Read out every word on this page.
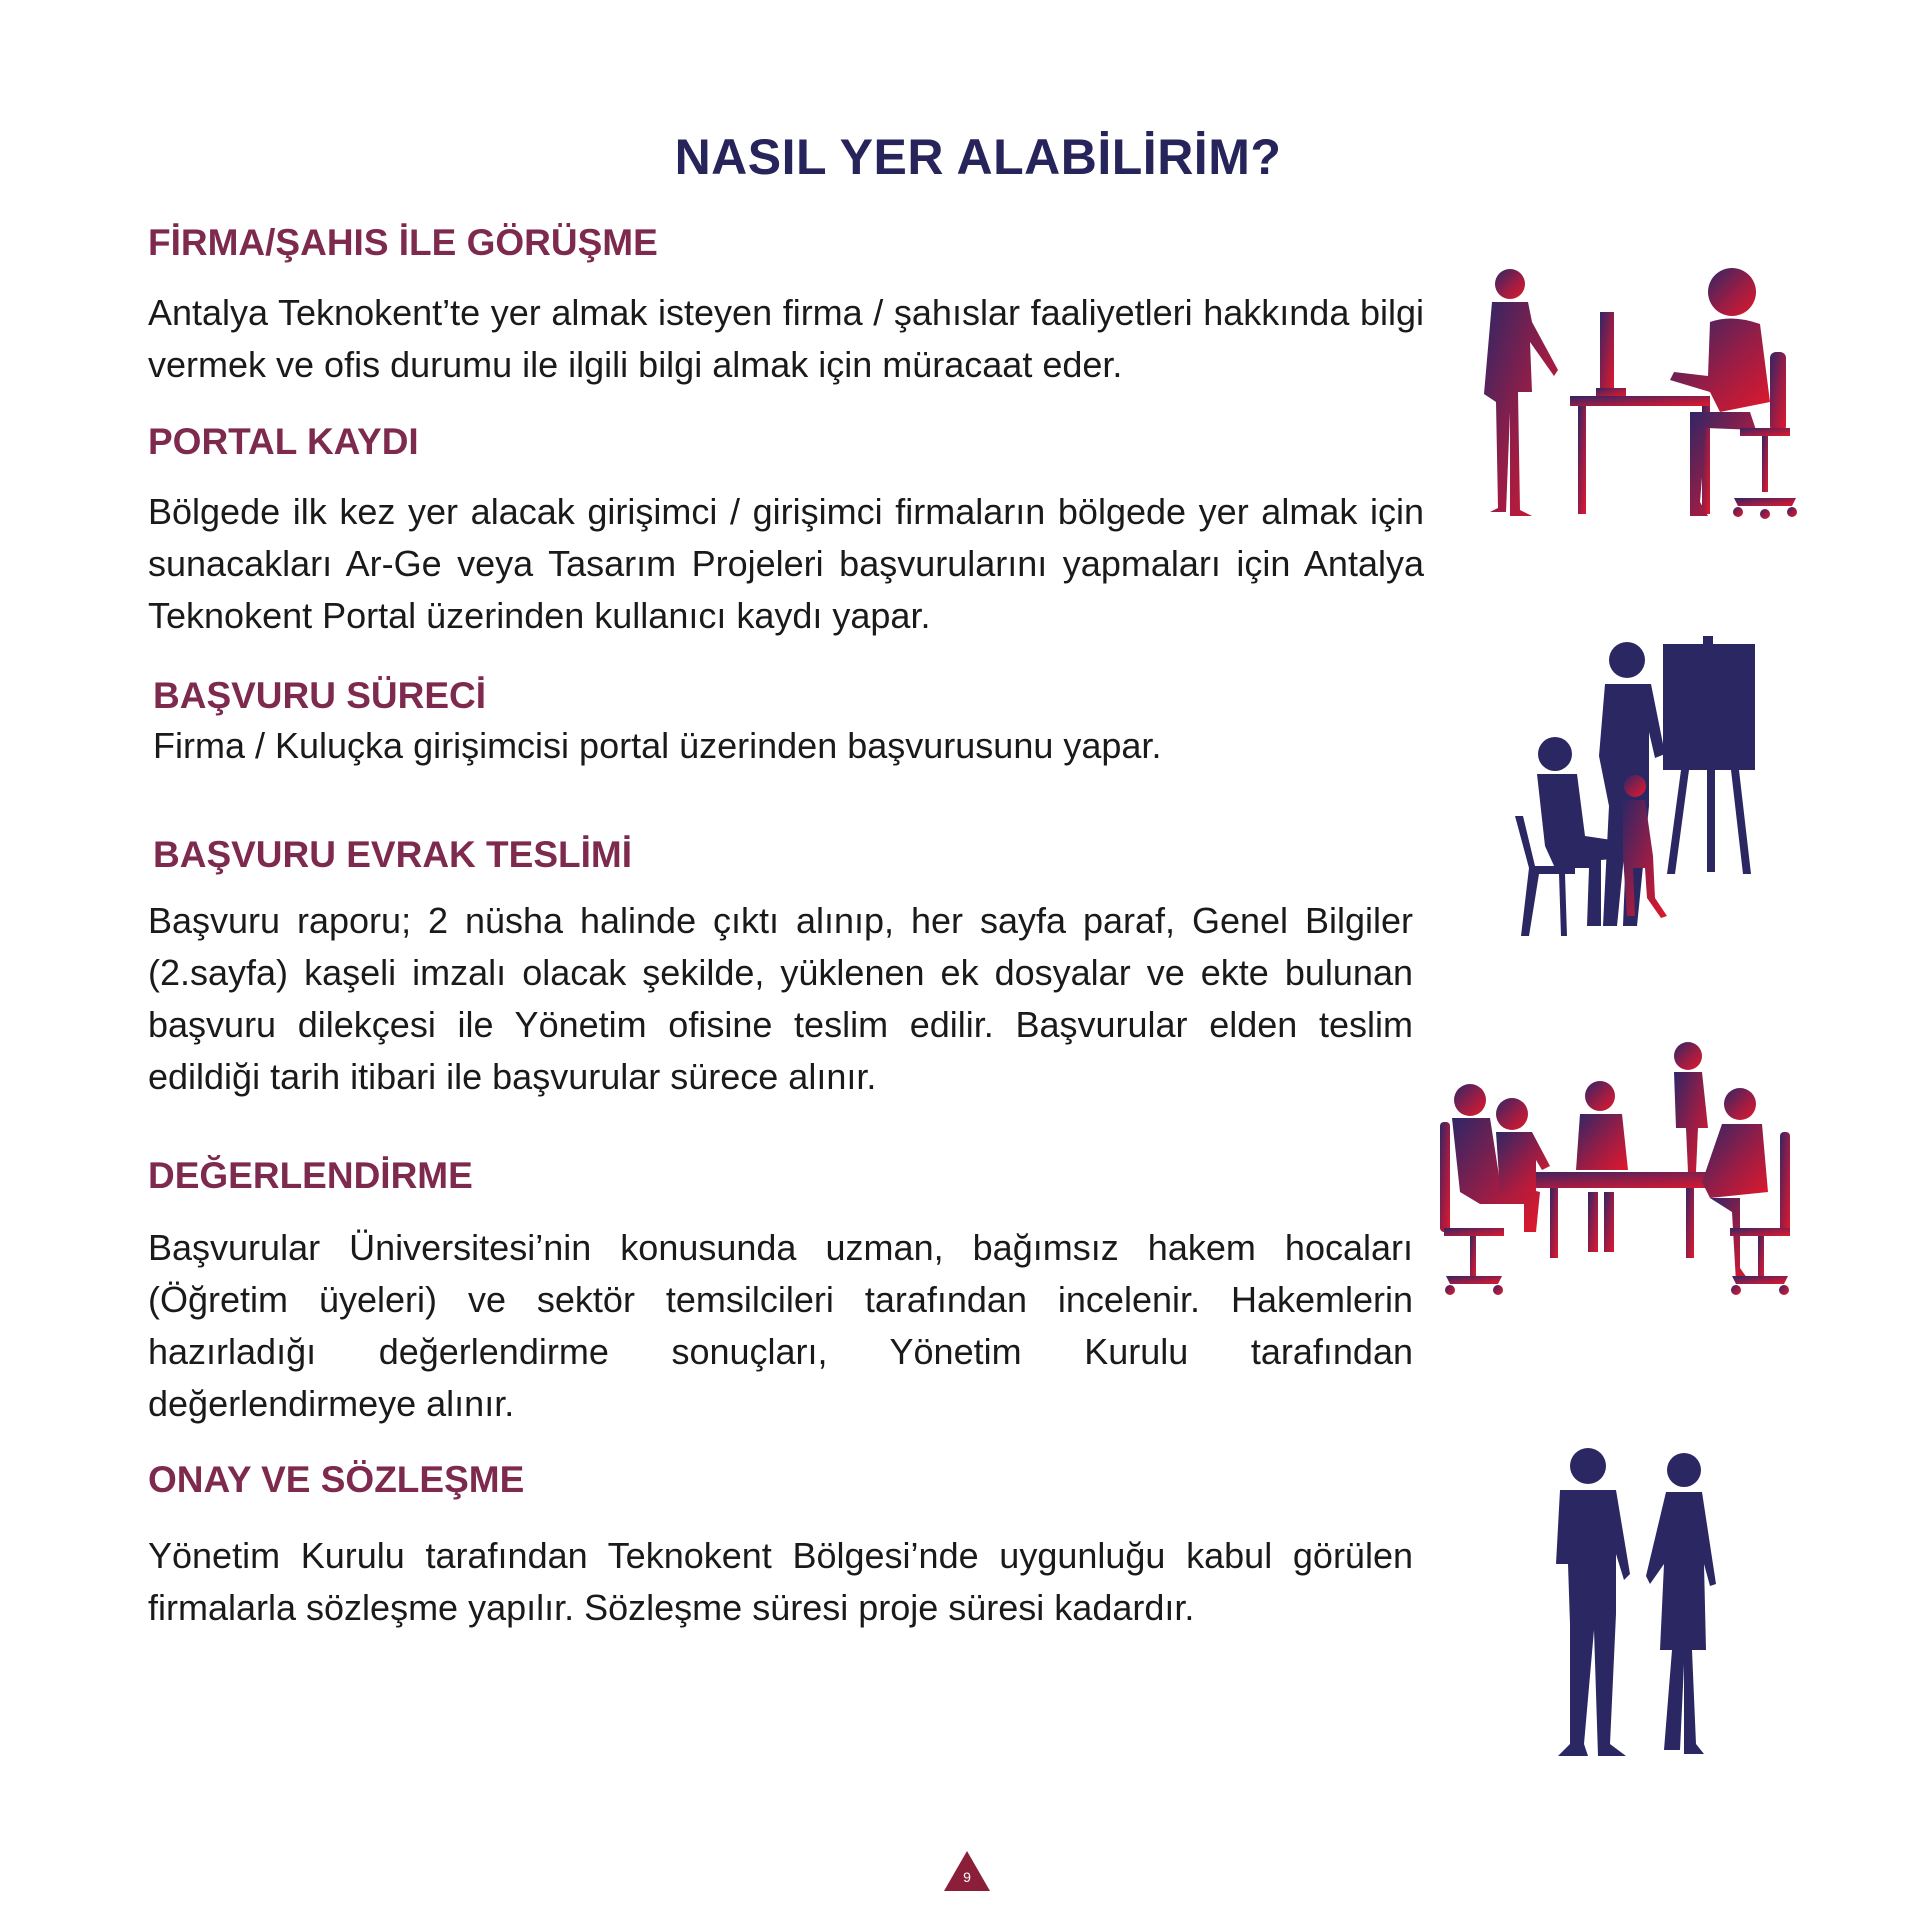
NASIL YER ALABİLİRİM?
FİRMA/ŞAHIS İLE GÖRÜŞME

Antalya Teknokent’te yer almak isteyen firma / şahıslar faaliyetleri hakkında bilgi vermek ve ofis durumu ile ilgili bilgi almak için müracaat eder.

PORTAL KAYDI

Bölgede ilk kez yer alacak girişimci / girişimci firmaların bölgede yer almak için sunacakları Ar-Ge veya Tasarım Projeleri başvurularını yapmaları için Antalya Teknokent Portal üzerinden kullanıcı kaydı yapar.

BAŞVURU SÜRECİ

Firma / Kuluçka girişimcisi portal üzerinden başvurusunu yapar.

BAŞVURU EVRAK TESLİMİ

Başvuru raporu; 2 nüsha halinde çıktı alınıp, her sayfa paraf, Genel Bilgiler (2.sayfa) kaşeli imzalı olacak şekilde, yüklenen ek dosyalar ve ekte bulunan başvuru dilekçesi ile Yönetim ofisine teslim edilir. Başvurular elden teslim edildiği tarih itibari ile başvurular sürece alınır.

DEĞERLENDİRME

Başvurular Üniversitesi’nin konusunda uzman, bağımsız hakem hocaları (Öğretim üyeleri) ve sektör temsilcileri tarafından incelenir. Hakemlerin hazırladığı değerlendirme sonuçları, Yönetim Kurulu tarafından değerlendirmeye alınır.

ONAY VE SÖZLEŞME

Yönetim Kurulu tarafından Teknokent Bölgesi’nde uygunluğu kabul görülen firmalarla sözleşme yapılır. Sözleşme süresi proje süresi kadardır.

9
